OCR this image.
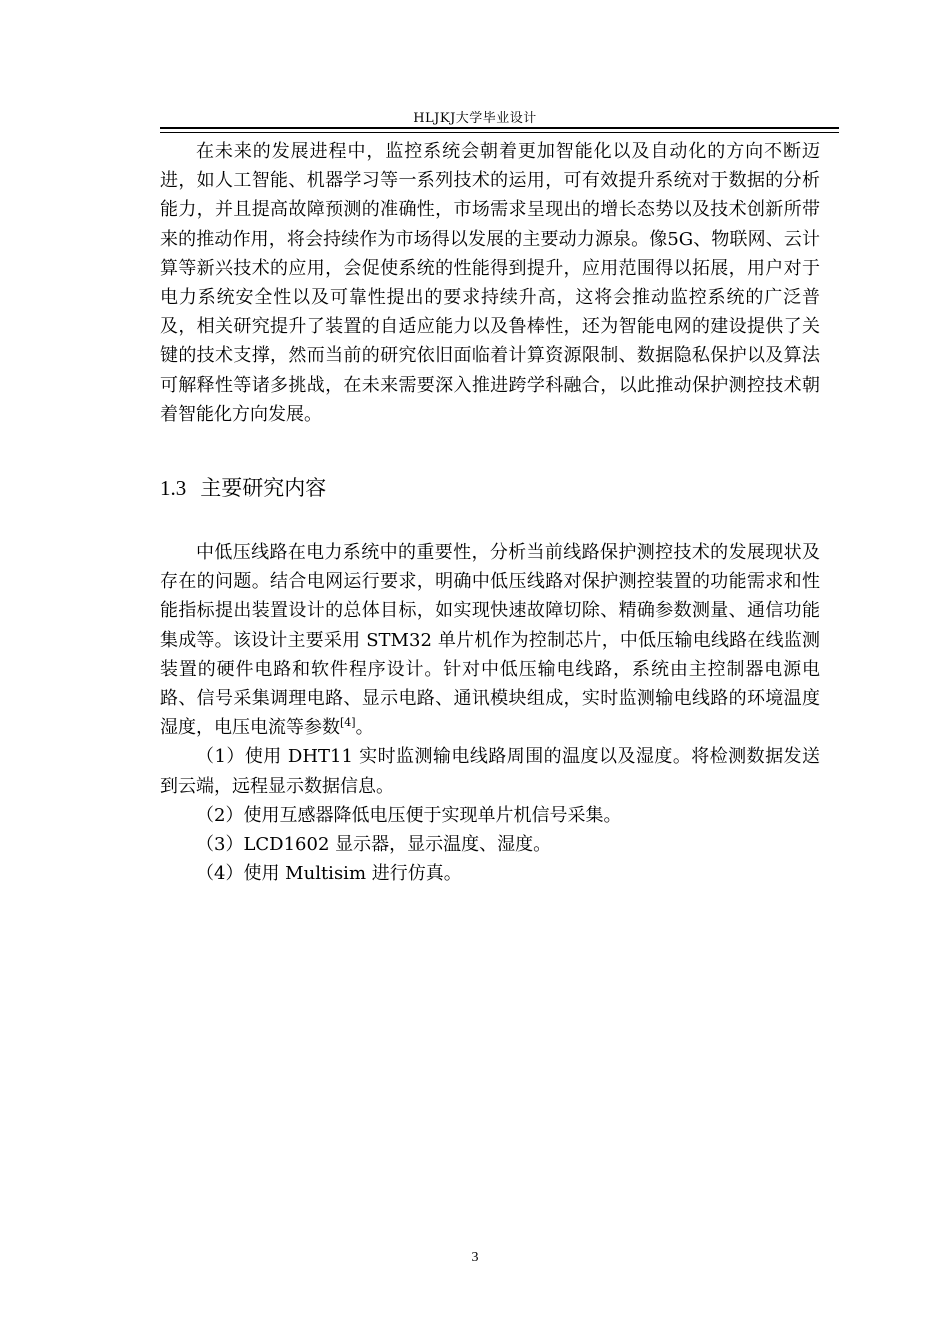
HLJKJ大学毕业设计

在未来的发展进程中，监控系统会朝着更加智能化以及自动化的方向不断迈进，如人工智能、机器学习等一系列技术的运用，可有效提升系统对于数据的分析能力，并且提高故障预测的准确性，市场需求呈现出的增长态势以及技术创新所带来的推动作用，将会持续作为市场得以发展的主要动力源泉。像5G、物联网、云计算等新兴技术的应用，会促使系统的性能得到提升，应用范围得以拓展，用户对于电力系统安全性以及可靠性提出的要求持续升高，这将会推动监控系统的广泛普及，相关研究提升了装置的自适应能力以及鲁棒性，还为智能电网的建设提供了关键的技术支撑，然而当前的研究依旧面临着计算资源限制、数据隐私保护以及算法可解释性等诸多挑战，在未来需要深入推进跨学科融合，以此推动保护测控技术朝着智能化方向发展。

1.3 主要研究内容

中低压线路在电力系统中的重要性，分析当前线路保护测控技术的发展现状及存在的问题。结合电网运行要求，明确中低压线路对保护测控装置的功能需求和性能指标提出装置设计的总体目标，如实现快速故障切除、精确参数测量、通信功能集成等。该设计主要采用 STM32 单片机作为控制芯片，中低压输电线路在线监测装置的硬件电路和软件程序设计。针对中低压输电线路，系统由主控制器电源电路、信号采集调理电路、显示电路、通讯模块组成，实时监测输电线路的环境温度湿度，电压电流等参数[4]。

（1）使用 DHT11 实时监测输电线路周围的温度以及湿度。将检测数据发送到云端，远程显示数据信息。

（2）使用互感器降低电压便于实现单片机信号采集。

（3）LCD1602 显示器，显示温度、湿度。

（4）使用 Multisim 进行仿真。

3
